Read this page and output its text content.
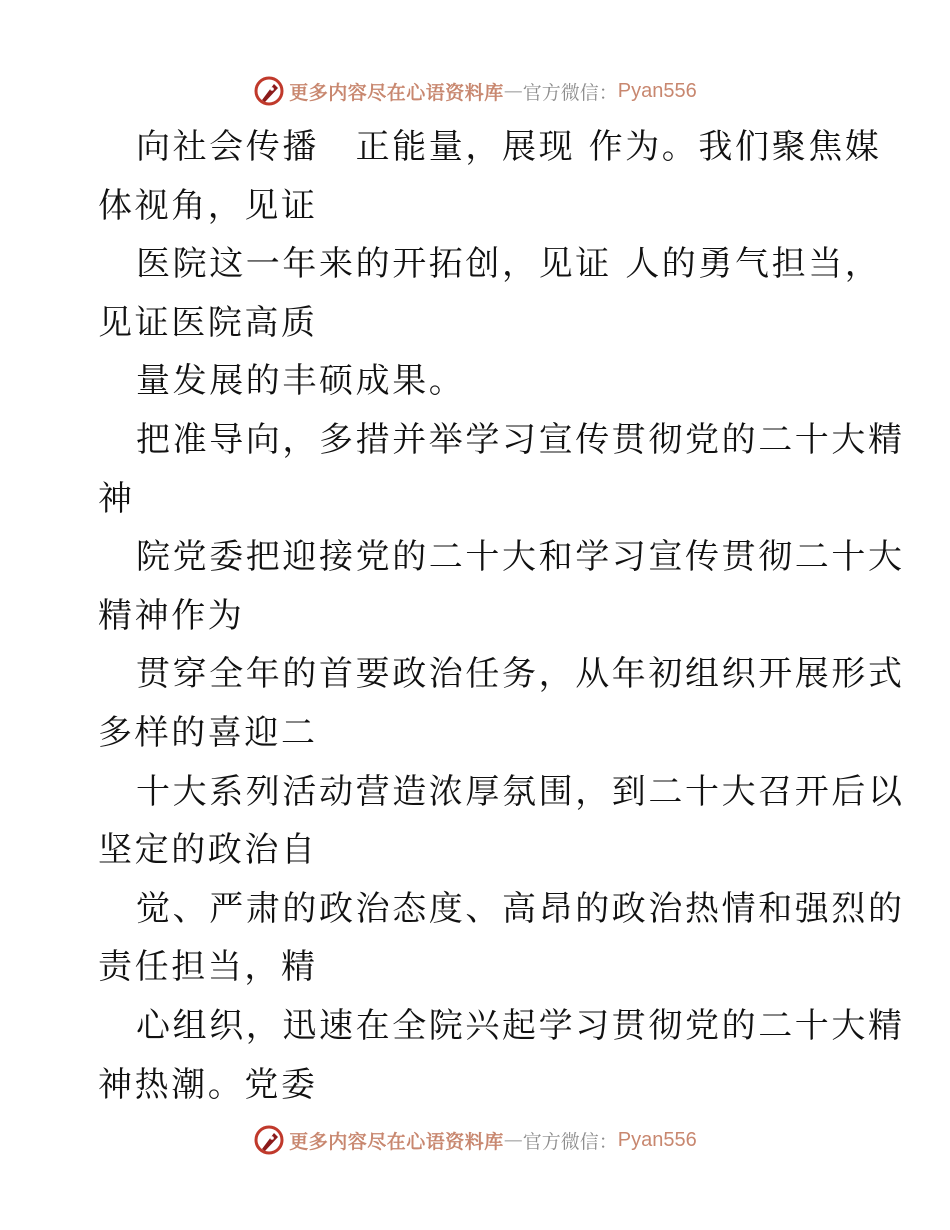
更多内容尽在心语资料库 — 官方微信： Pyan556
向社会传播　正能量，展现 作为。我们聚焦媒
体视角，见证
医院这一年来的开拓创，见证 人的勇气担当，
见证医院高质
量发展的丰硕成果。
把准导向，多措并举学习宣传贯彻党的二十大精
神
院党委把迎接党的二十大和学习宣传贯彻二十大
精神作为
贯穿全年的首要政治任务，从年初组织开展形式
多样的喜迎二
十大系列活动营造浓厚氛围，到二十大召开后以
坚定的政治自
觉、严肃的政治态度、高昂的政治热情和强烈的
责任担当，精
心组织，迅速在全院兴起学习贯彻党的二十大精
神热潮。党委
更多内容尽在心语资料库 — 官方微信： Pyan556
